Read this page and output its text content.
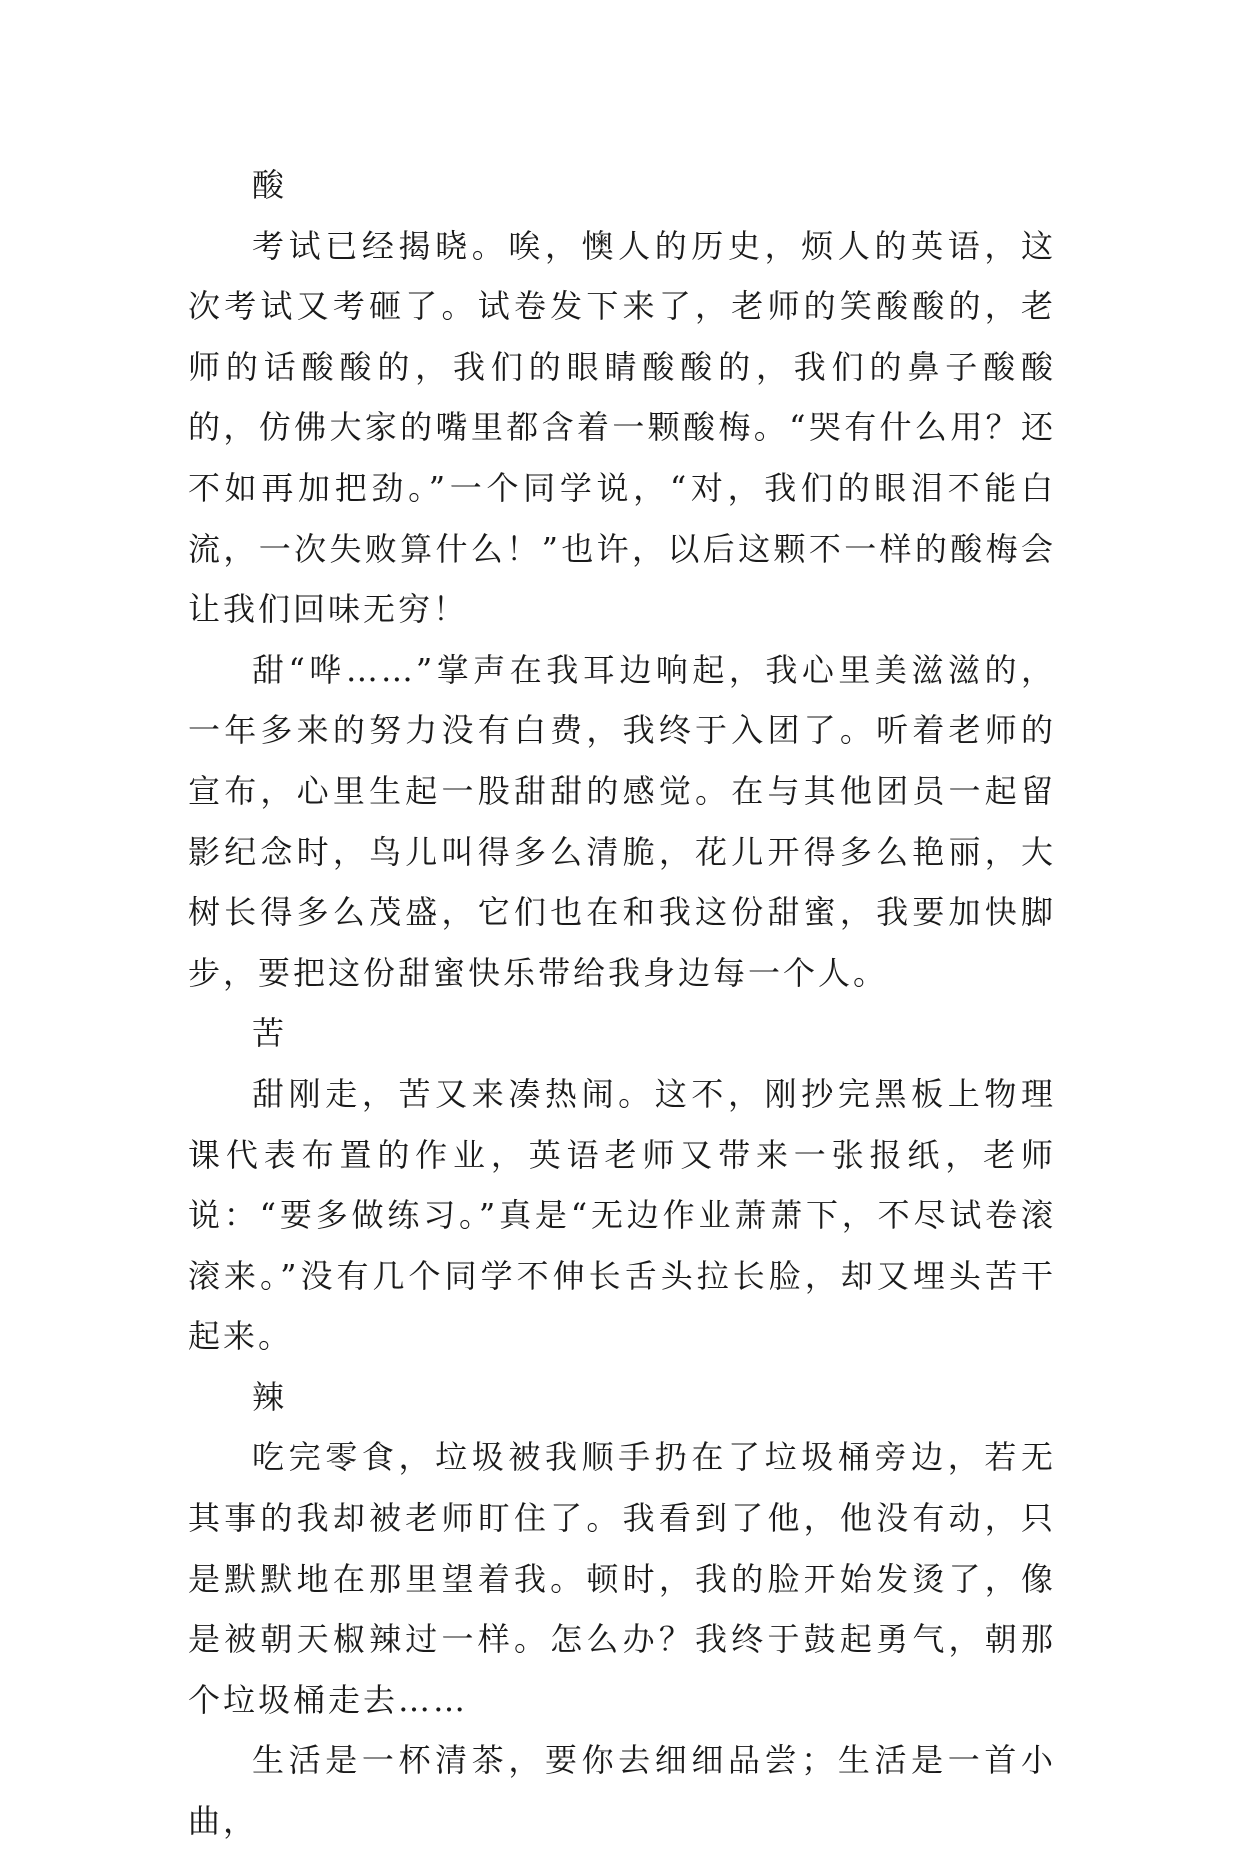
酸

考试已经揭晓。唉，懊人的历史，烦人的英语，这次考试又考砸了。试卷发下来了，老师的笑酸酸的，老师的话酸酸的，我们的眼睛酸酸的，我们的鼻子酸酸的，仿佛大家的嘴里都含着一颗酸梅。“哭有什么用？还不如再加把劲。”一个同学说，“对，我们的眼泪不能白流，一次失败算什么！”也许，以后这颗不一样的酸梅会让我们回味无穷！

甜“哗……”掌声在我耳边响起，我心里美滋滋的，一年多来的努力没有白费，我终于入团了。听着老师的宣布，心里生起一股甜甜的感觉。在与其他团员一起留影纪念时，鸟儿叫得多么清脆，花儿开得多么艳丽，大树长得多么茂盛，它们也在和我这份甜蜜，我要加快脚步，要把这份甜蜜快乐带给我身边每一个人。

苦

甜刚走，苦又来凑热闹。这不，刚抄完黑板上物理课代表布置的作业，英语老师又带来一张报纸，老师说：“要多做练习。”真是“无边作业萧萧下，不尽试卷滚滚来。”没有几个同学不伸长舌头拉长脸，却又埋头苦干起来。

辣

吃完零食，垃圾被我顺手扔在了垃圾桶旁边，若无其事的我却被老师盯住了。我看到了他，他没有动，只是默默地在那里望着我。顿时，我的脸开始发烫了，像是被朝天椒辣过一样。怎么办？我终于鼓起勇气，朝那个垃圾桶走去……

生活是一杯清茶，要你去细细品尝；生活是一首小曲，
